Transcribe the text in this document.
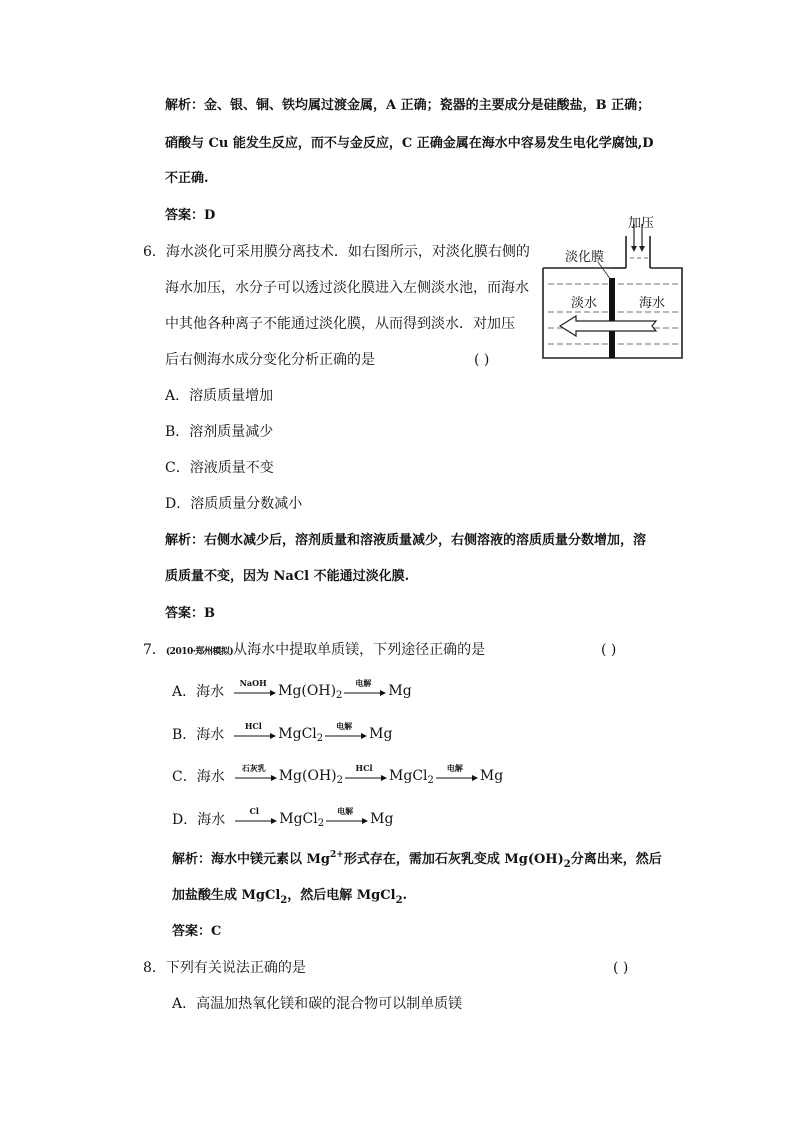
解析：金、银、铜、铁均属过渡金属，A 正确；瓷器的主要成分是硅酸盐，B 正确；
硝酸与 Cu 能发生反应，而不与金反应，C 正确金属在海水中容易发生电化学腐蚀,D
不正确.
答案：D
6．海水淡化可采用膜分离技术．如右图所示，对淡化膜右侧的
海水加压，水分子可以透过淡化膜进入左侧淡水池，而海水
中其他各种离子不能通过淡化膜，从而得到淡水．对加压
后右侧海水成分变化分析正确的是	( )
加压
淡化膜
淡水	海水
A．溶质质量增加
B．溶剂质量减少
C．溶液质量不变
D．溶质质量分数减小
解析：右侧水减少后，溶剂质量和溶液质量减少，右侧溶液的溶质质量分数增加，溶
质质量不变，因为 NaCl 不能通过淡化膜.
答案：B
7．(2010·郑州模拟)从海水中提取单质镁，下列途径正确的是	( )
A． 海水
NaOH Mg(OH) 2
电解	Mg
B． 海水
HCl	MgCl 2
电解	Mg
C． 海水
石灰乳 Mg(OH) 2
HCl	MgCl 2
电解	Mg
D． 海水
Cl	MgCl 2
电解	Mg
解析：海水中镁元素以 $Mg^{2+}$形式存在，需加石灰乳变成 $Mg(OH)_2$分离出来，然后
加盐酸生成 MgCl$_2$，然后电解 MgCl$_2$.
答案：C
8．下列有关说法正确的是	( )
A．高温加热氧化镁和碳的混合物可以制单质镁
